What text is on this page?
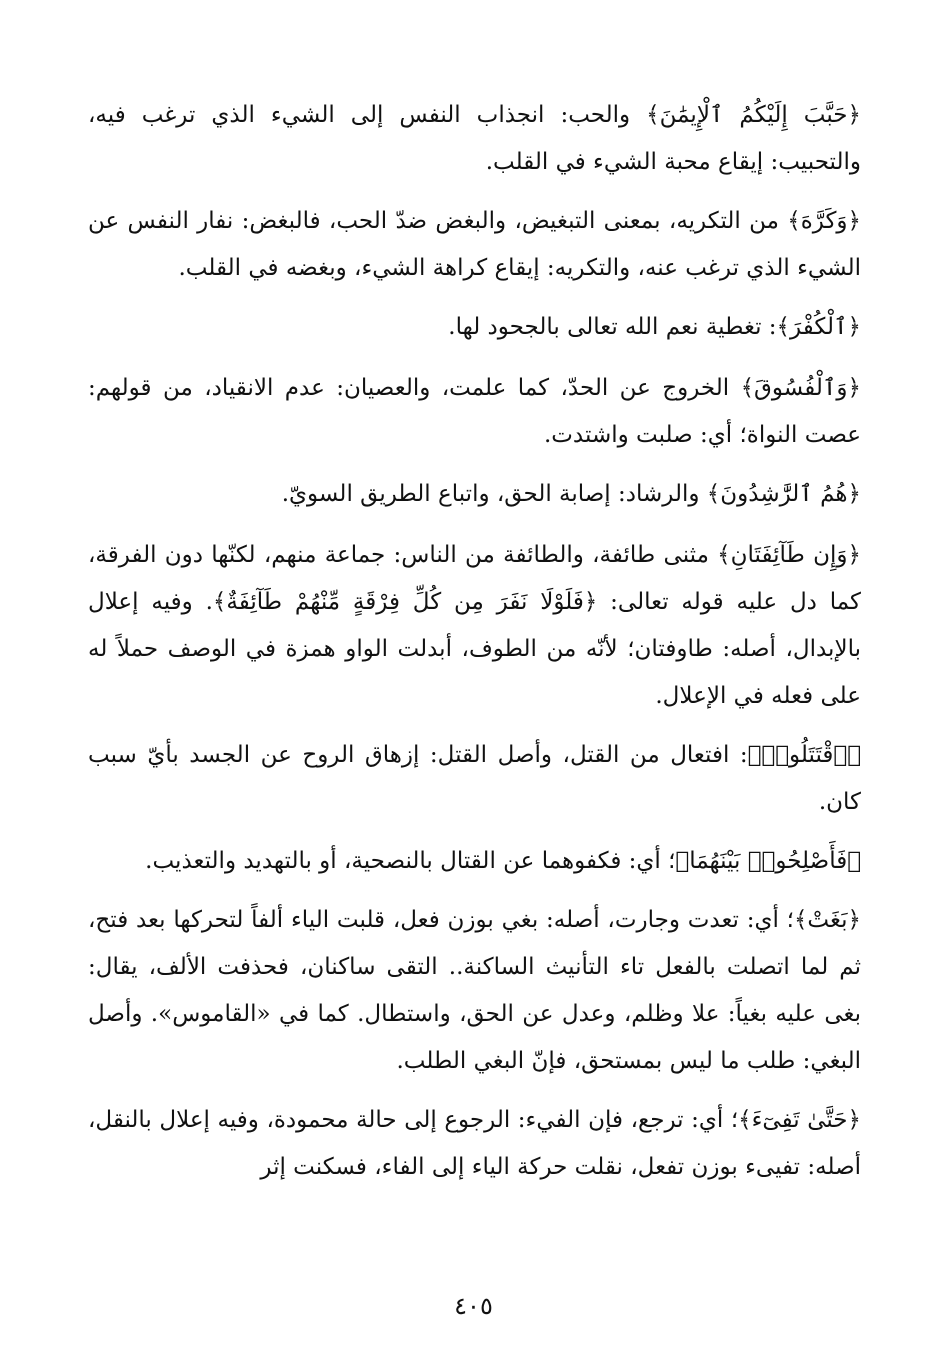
﴿حَبَّبَ إِلَيْكُمُ ٱلْإِيمَٰنَ﴾ والحب: انجذاب النفس إلى الشيء الذي ترغب فيه، والتحبيب: إيقاع محبة الشيء في القلب.

﴿وَكَرَّهَ﴾ من التكريه، بمعنى التبغيض، والبغض ضدّ الحب، فالبغض: نفار النفس عن الشيء الذي ترغب عنه، والتكريه: إيقاع كراهة الشيء، وبغضه في القلب.

﴿ٱلْكُفْرَ﴾: تغطية نعم الله تعالى بالجحود لها.

﴿وَٱلْفُسُوقَ﴾ الخروج عن الحدّ، كما علمت، والعصيان: عدم الانقياد، من قولهم: عصت النواة؛ أي: صلبت واشتدت.

﴿هُمُ ٱلرَّٰشِدُونَ﴾ والرشاد: إصابة الحق، واتباع الطريق السويّ.

﴿وَإِن طَآئِفَتَانِ﴾ مثنى طائفة، والطائفة من الناس: جماعة منهم، لكنّها دون الفرقة، كما دل عليه قوله تعالى: ﴿فَلَوْلَا نَفَرَ مِن كُلِّ فِرْقَةٍ مِّنْهُمْ طَآئِفَةٌ﴾. وفيه إعلال بالإبدال، أصله: طاوفتان؛ لأنّه من الطوف، أبدلت الواو همزة في الوصف حملاً له على فعله في الإعلال.

﴿ٱقْتَتَلُوا۟﴾: افتعال من القتل، وأصل القتل: إزهاق الروح عن الجسد بأيّ سبب كان.

﴿فَأَصْلِحُوا۟ بَيْنَهُمَا﴾؛ أي: فكفوهما عن القتال بالنصحية، أو بالتهديد والتعذيب.

﴿بَغَتْ﴾؛ أي: تعدت وجارت، أصله: بغي بوزن فعل، قلبت الياء ألفاً لتحركها بعد فتح، ثم لما اتصلت بالفعل تاء التأنيث الساكنة.. التقى ساكنان، فحذفت الألف، يقال: بغى عليه بغياً: علا وظلم، وعدل عن الحق، واستطال. كما في «القاموس». وأصل البغي: طلب ما ليس بمستحق، فإنّ البغي الطلب.

﴿حَتَّىٰ تَفِىٓءَ﴾؛ أي: ترجع، فإن الفيء: الرجوع إلى حالة محمودة، وفيه إعلال بالنقل، أصله: تفيىء بوزن تفعل، نقلت حركة الياء إلى الفاء، فسكنت إثر

٤٠٥
